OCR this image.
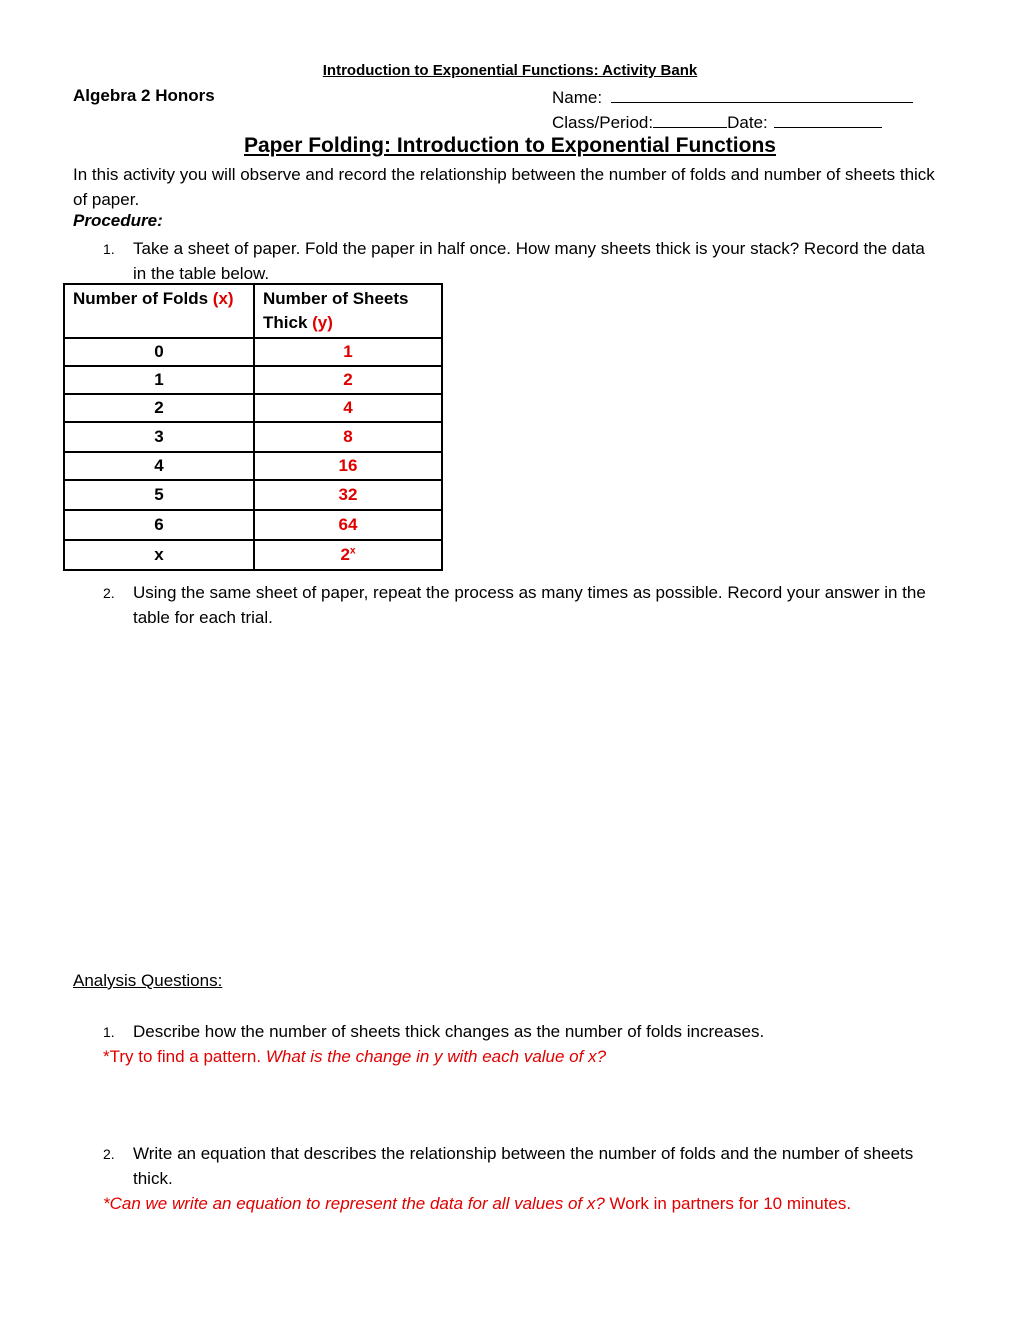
Introduction to Exponential Functions: Activity Bank
Algebra 2 Honors	Name:
Class/Period:	Date:
Paper Folding: Introduction to Exponential Functions
In this activity you will observe and record the relationship between the number of folds and number of sheets thick of paper.
Procedure:
1. Take a sheet of paper. Fold the paper in half once. How many sheets thick is your stack? Record the data in the table below.
Number of Folds (x)	Number of Sheets Thick (y)
0	1
1	2
2	4
3	8
4	16
5	32
6	64
x	2$^x$
2. Using the same sheet of paper, repeat the process as many times as possible. Record your answer in the table for each trial.
Analysis Questions:
1. Describe how the number of sheets thick changes as the number of folds increases.
*Try to find a pattern. What is the change in y with each value of x?
2. Write an equation that describes the relationship between the number of folds and the number of sheets thick.
*Can we write an equation to represent the data for all values of x? Work in partners for 10 minutes.
